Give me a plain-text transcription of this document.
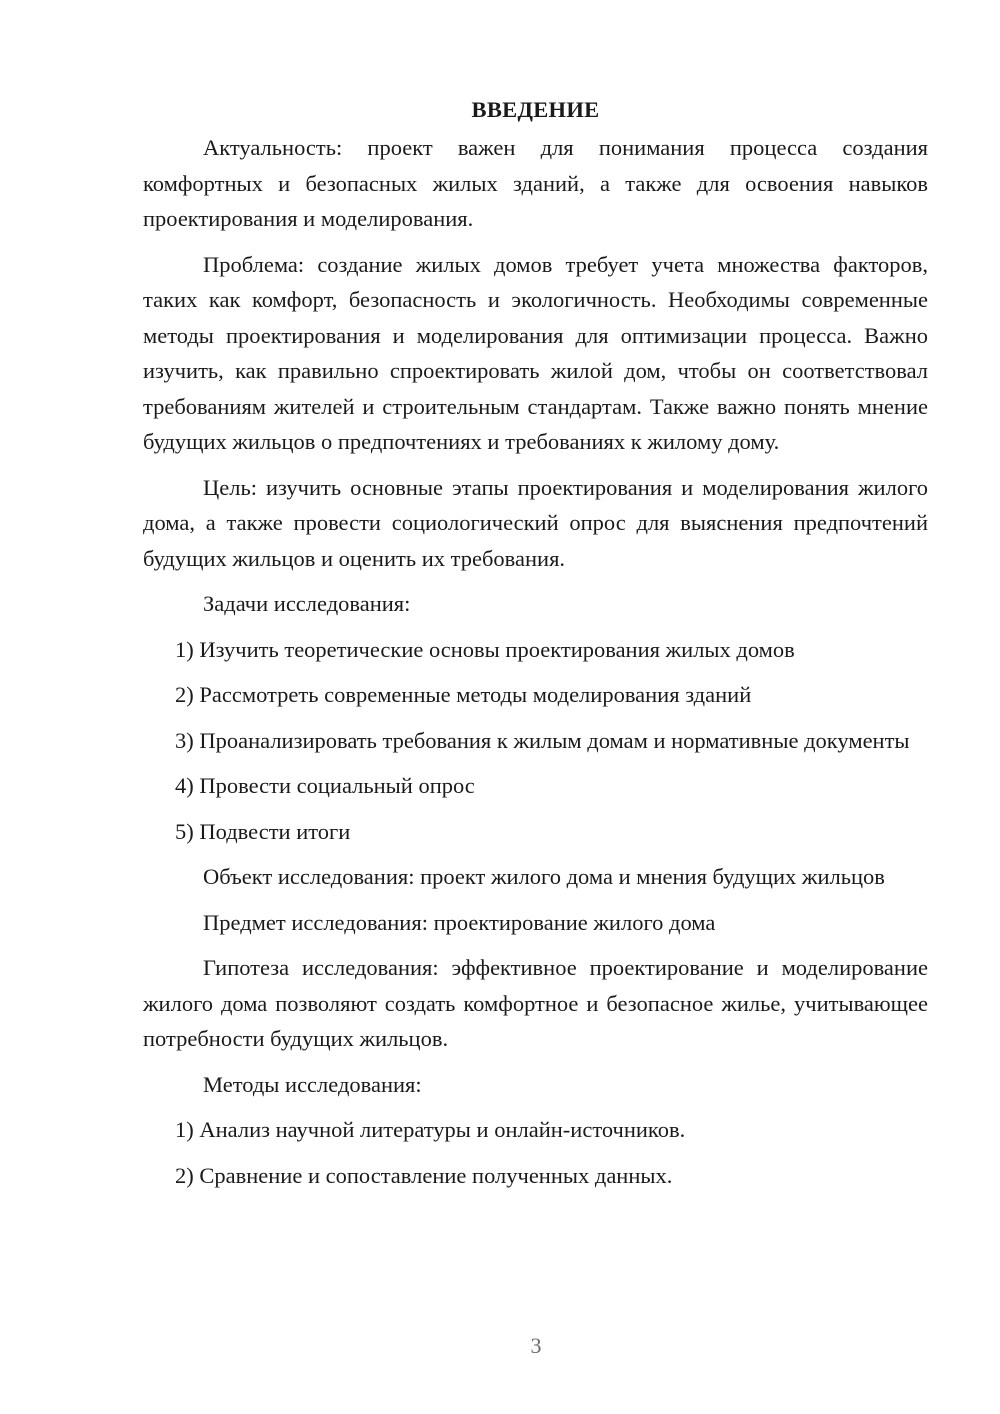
ВВЕДЕНИЕ

Актуальность: проект важен для понимания процесса создания комфортных и безопасных жилых зданий, а также для освоения навыков проектирования и моделирования.

Проблема: создание жилых домов требует учета множества факторов, таких как комфорт, безопасность и экологичность. Необходимы современные методы проектирования и моделирования для оптимизации процесса. Важно изучить, как правильно спроектировать жилой дом, чтобы он соответствовал требованиям жителей и строительным стандартам. Также важно понять мнение будущих жильцов о предпочтениях и требованиях к жилому дому.

Цель: изучить основные этапы проектирования и моделирования жилого дома, а также провести социологический опрос для выяснения предпочтений будущих жильцов и оценить их требования.

Задачи исследования:

1) Изучить теоретические основы проектирования жилых домов

2) Рассмотреть современные методы моделирования зданий

3) Проанализировать требования к жилым домам и нормативные документы

4) Провести социальный опрос

5) Подвести итоги

Объект исследования: проект жилого дома и мнения будущих жильцов

Предмет исследования: проектирование жилого дома

Гипотеза исследования: эффективное проектирование и моделирование жилого дома позволяют создать комфортное и безопасное жилье, учитывающее потребности будущих жильцов.

Методы исследования:

1) Анализ научной литературы и онлайн-источников.

2) Сравнение и сопоставление полученных данных.

3
